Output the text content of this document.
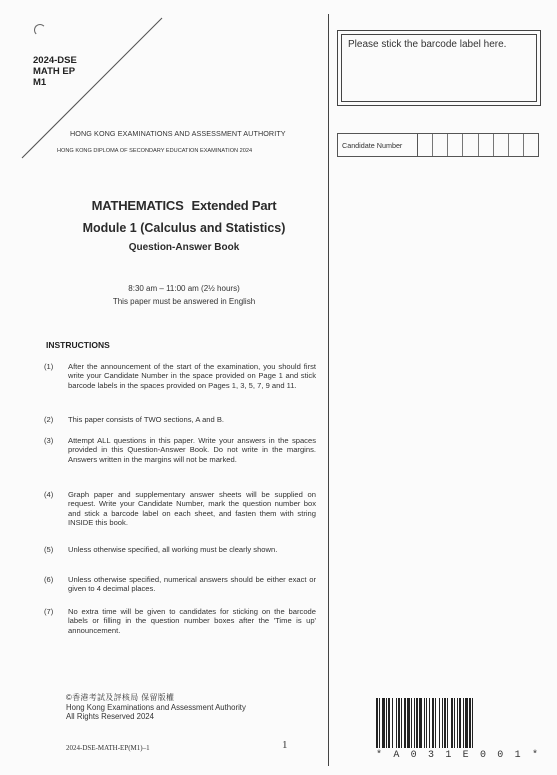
2024-DSE
MATH EP
M1
HONG KONG EXAMINATIONS AND ASSESSMENT AUTHORITY
HONG KONG DIPLOMA OF SECONDARY EDUCATION EXAMINATION 2024
MATHEMATICS Extended Part
Module 1 (Calculus and Statistics)
Question-Answer Book
8:30 am – 11:00 am (2½ hours)
This paper must be answered in English
INSTRUCTIONS
(1)	After the announcement of the start of the examination, you should first write your Candidate Number in the space provided on Page 1 and stick barcode labels in the spaces provided on Pages 1, 3, 5, 7, 9 and 11.
(2)	This paper consists of TWO sections, A and B.
(3)	Attempt ALL questions in this paper. Write your answers in the spaces provided in this Question-Answer Book. Do not write in the margins. Answers written in the margins will not be marked.
(4)	Graph paper and supplementary answer sheets will be supplied on request. Write your Candidate Number, mark the question number box and stick a barcode label on each sheet, and fasten them with string INSIDE this book.
(5)	Unless otherwise specified, all working must be clearly shown.
(6)	Unless otherwise specified, numerical answers should be either exact or given to 4 decimal places.
(7)	No extra time will be given to candidates for sticking on the barcode labels or filling in the question number boxes after the 'Time is up' announcement.
©香港考試及評核局 保留版權
Hong Kong Examinations and Assessment Authority
All Rights Reserved 2024
2024-DSE-MATH-EP(M1)–1	1
Please stick the barcode label here.
Candidate Number
* A 0 3 1 E 0 0 1 *
